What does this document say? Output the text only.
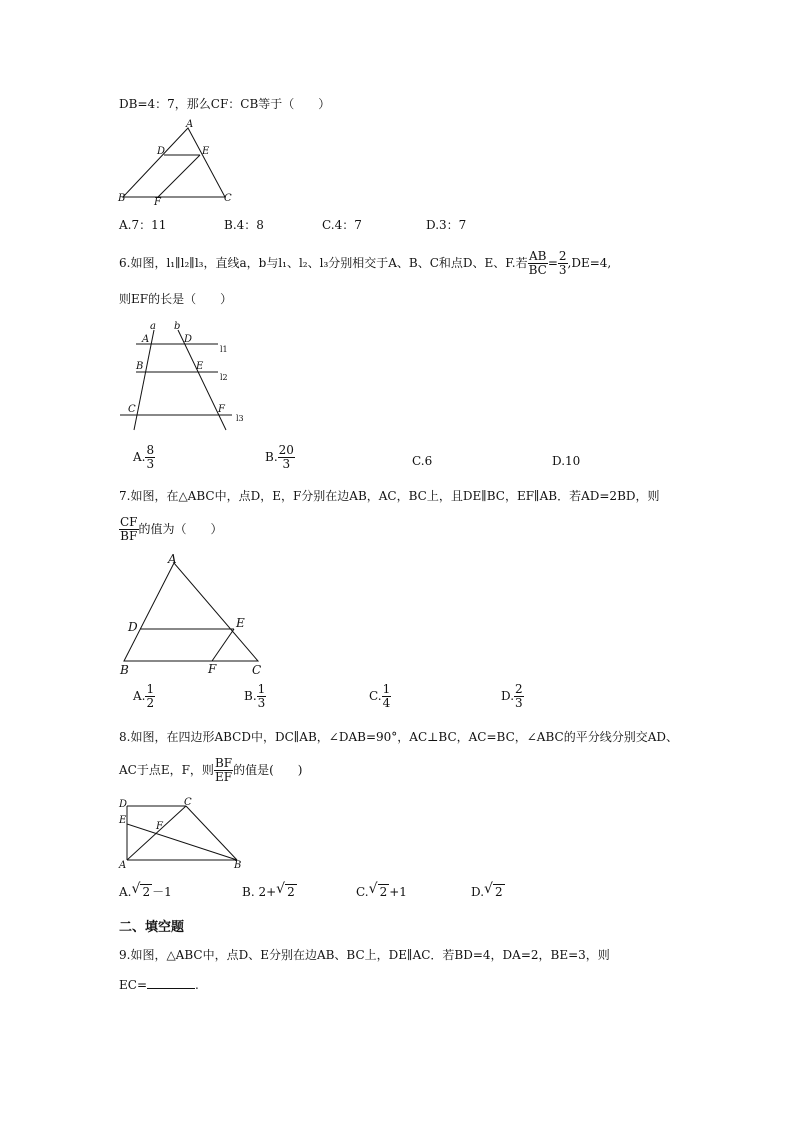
DB=4：7，那么CF：CB等于（　　）
A
D	E
B	F	C
A.7：11	B.4：8	C.4：7	D.3：7
6.如图，l₁∥l₂∥l₃，直线a，b与l₁、l₂、l₃分别相交于A、B、C和点D、E、F.若 $\frac{AB}{BC} = \frac{2}{3} ,DE=4$,
则EF的长是（　　）
a b
A	D
l1
B	E
l2
C	F
l3
A. $\frac{8}{3}$	B. $\frac{20}{3}$	C.6	D.10
7.如图，在△ABC中，点D，E，F分别在边AB，AC，BC上，且DE∥BC，EF∥AB．若AD=2BD，则
$\frac{CF}{BF}$ 的值为（　　）
A
D	E
B	F	C
A. $\frac{1}{2}$	B. $\frac{1}{3}$	C. $\frac{1}{4}$	D. $\frac{2}{3}$
8.如图，在四边形ABCD中，DC∥AB，∠DAB=90°，AC⊥BC，AC=BC，∠ABC的平分线分别交AD、
AC于点E，F，则 $\frac{BF}{EF}$ 的值是(　　)
D	C
E
F
A	B
A. √ 2 －1	B. 2+ √ 2	C. √ 2 +1	D. √ 2
二、填空题
9.如图，△ABC中，点D、E分别在边AB、BC上，DE∥AC．若BD=4，DA=2，BE=3，则
EC=	.
